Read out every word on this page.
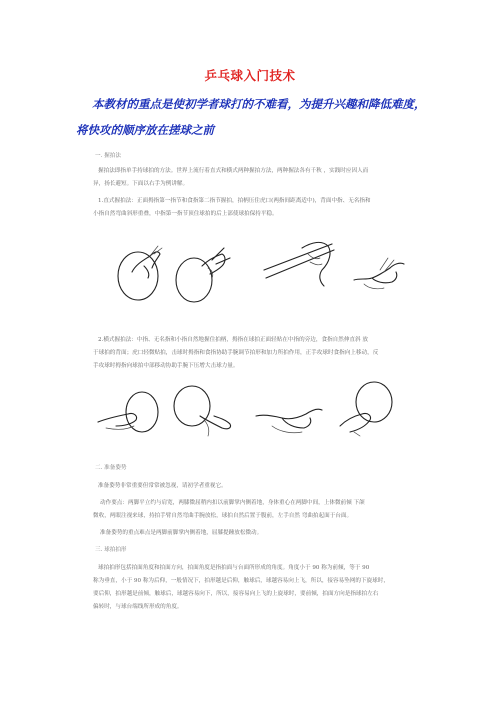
乒乓球入门技术
本教材的重点是使初学者球打的不难看，为提升兴趣和降低难度，
将快攻的顺序放在搓球之前
一. 握拍法
握拍法即指单手持球拍的方法。世界上流行着直式和横式两种握拍方法，两种握法各有千秋 ，实践时应因人而
异，扬长避短。下面以右手为例讲解。
1.直式握拍法：正面拇指第一指节和食指第二指节握拍，拍柄压住虎口(两指间距离适中)，背面中指、无名指和
小指自然弯曲斜形重叠，中指第一指节顶住球拍的后上部使球拍保持平稳。
2.横式握拍法：中指、无名指和小指自然地握住拍柄，拇指在球拍正面轻贴在中指的旁边，食指自然伸直斜 放
于球拍的背面；虎口轻微贴拍，击球时拇指和食指协助手腕调节拍形和加力所拍作用，正手攻球时食指向上移动，反
手攻球时拇指向球拍中部移动协助手腕下压增大击球力量。
二. 准备姿势
准备姿势非常重要但常常被忽视，请初学者重视它。
动作要点：两脚平立约与肩宽，两膝微屈稍内扣以前脚掌内侧着地，身体重心在两脚中间，上体微前倾 下颌
微收，两眼注视来球，持拍手臂自然弯曲手腕放松，球拍自然后置于腹前，左手自然 弯曲拍起面于台面。
准备姿势的重点难点是两脚前脚掌内侧着地，屈膝提踵放松微动。
三. 球拍拍形
球拍拍形包括拍面角度和拍面方向，拍面角度是指拍面与台面所形成的角度。角度小于 90 称为前倾，等于 90
称为垂直，小于 90 称为后仰，一般情况下，拍形越是后仰，触球后，球越容易向上飞，所以，接容易坠网的下旋球时，
要后仰，拍形越是前倾，触球后，球越容易向下，所以，接容易向上飞的上旋球时，要前倾，拍面方向是指球拍左右
偏转时，与球台端线所形成的角度。
